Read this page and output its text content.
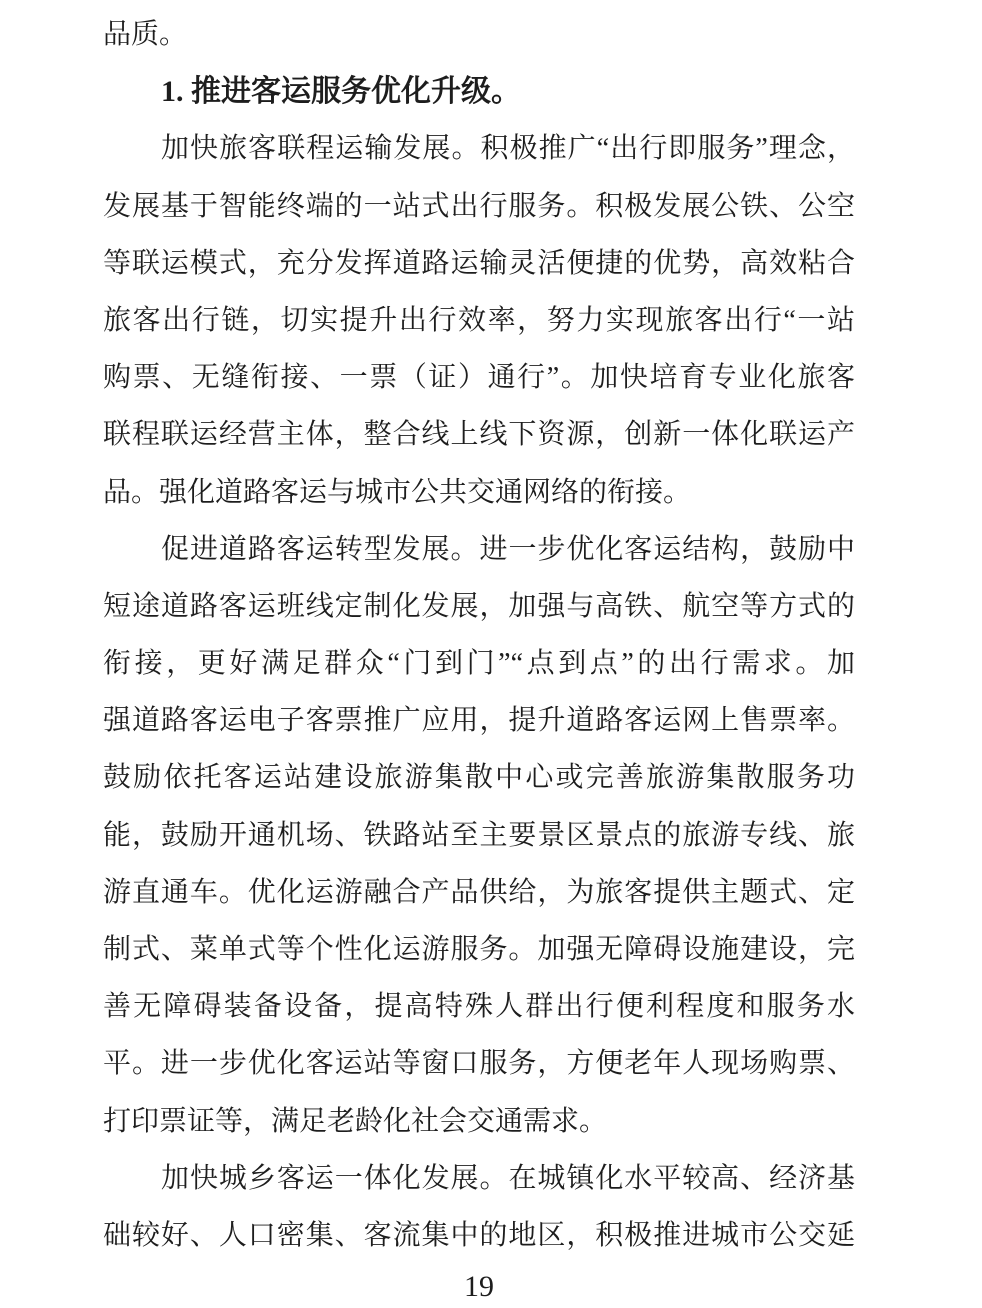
品质。
1. 推进客运服务优化升级。
加快旅客联程运输发展。积极推广“出行即服务”理念，
发展基于智能终端的一站式出行服务。积极发展公铁、公空
等联运模式，充分发挥道路运输灵活便捷的优势，高效粘合
旅客出行链，切实提升出行效率，努力实现旅客出行“一站
购票、无缝衔接、一票（证）通行”。加快培育专业化旅客
联程联运经营主体，整合线上线下资源，创新一体化联运产
品。强化道路客运与城市公共交通网络的衔接。
促进道路客运转型发展。进一步优化客运结构，鼓励中
短途道路客运班线定制化发展，加强与高铁、航空等方式的
衔接，更好满足群众“门到门”“点到点”的出行需求。加
强道路客运电子客票推广应用，提升道路客运网上售票率。
鼓励依托客运站建设旅游集散中心或完善旅游集散服务功
能，鼓励开通机场、铁路站至主要景区景点的旅游专线、旅
游直通车。优化运游融合产品供给，为旅客提供主题式、定
制式、菜单式等个性化运游服务。加强无障碍设施建设，完
善无障碍装备设备，提高特殊人群出行便利程度和服务水
平。进一步优化客运站等窗口服务，方便老年人现场购票、
打印票证等，满足老龄化社会交通需求。
加快城乡客运一体化发展。在城镇化水平较高、经济基
础较好、人口密集、客流集中的地区，积极推进城市公交延
19
